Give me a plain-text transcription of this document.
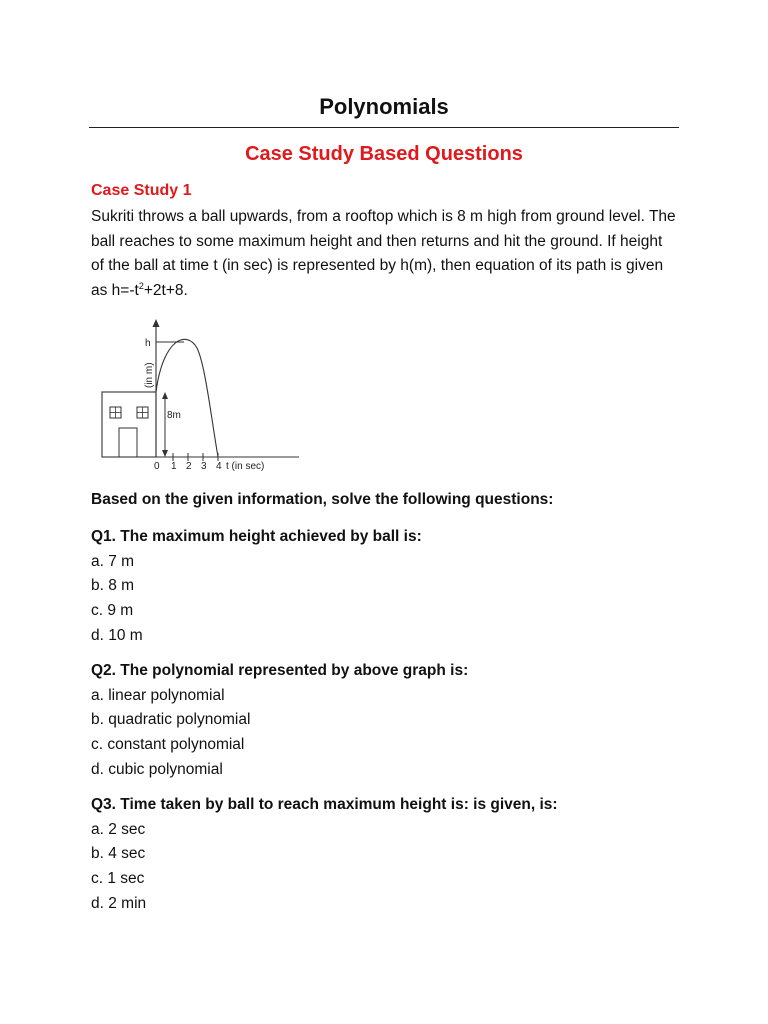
Polynomials
Case Study Based Questions
Case Study 1

Sukriti throws a ball upwards, from a rooftop which is 8 m high from ground level. The ball reaches to some maximum height and then returns and hit the ground. If height of the ball at time t (in sec) is represented by h(m), then equation of its path is given as $h=-t^2+2t+8$.

8m
h
(in m)
0 1 2 3 4 t (in sec)
Based on the given information, solve the following questions:
Q1. The maximum height achieved by ball is:
a. 7 m
b. 8 m
c. 9 m
d. 10 m
Q2. The polynomial represented by above graph is:
a. linear polynomial
b. quadratic polynomial
c. constant polynomial
d. cubic polynomial
Q3. Time taken by ball to reach maximum height is: is given, is:
a. 2 sec
b. 4 sec
c. 1 sec
d. 2 min
